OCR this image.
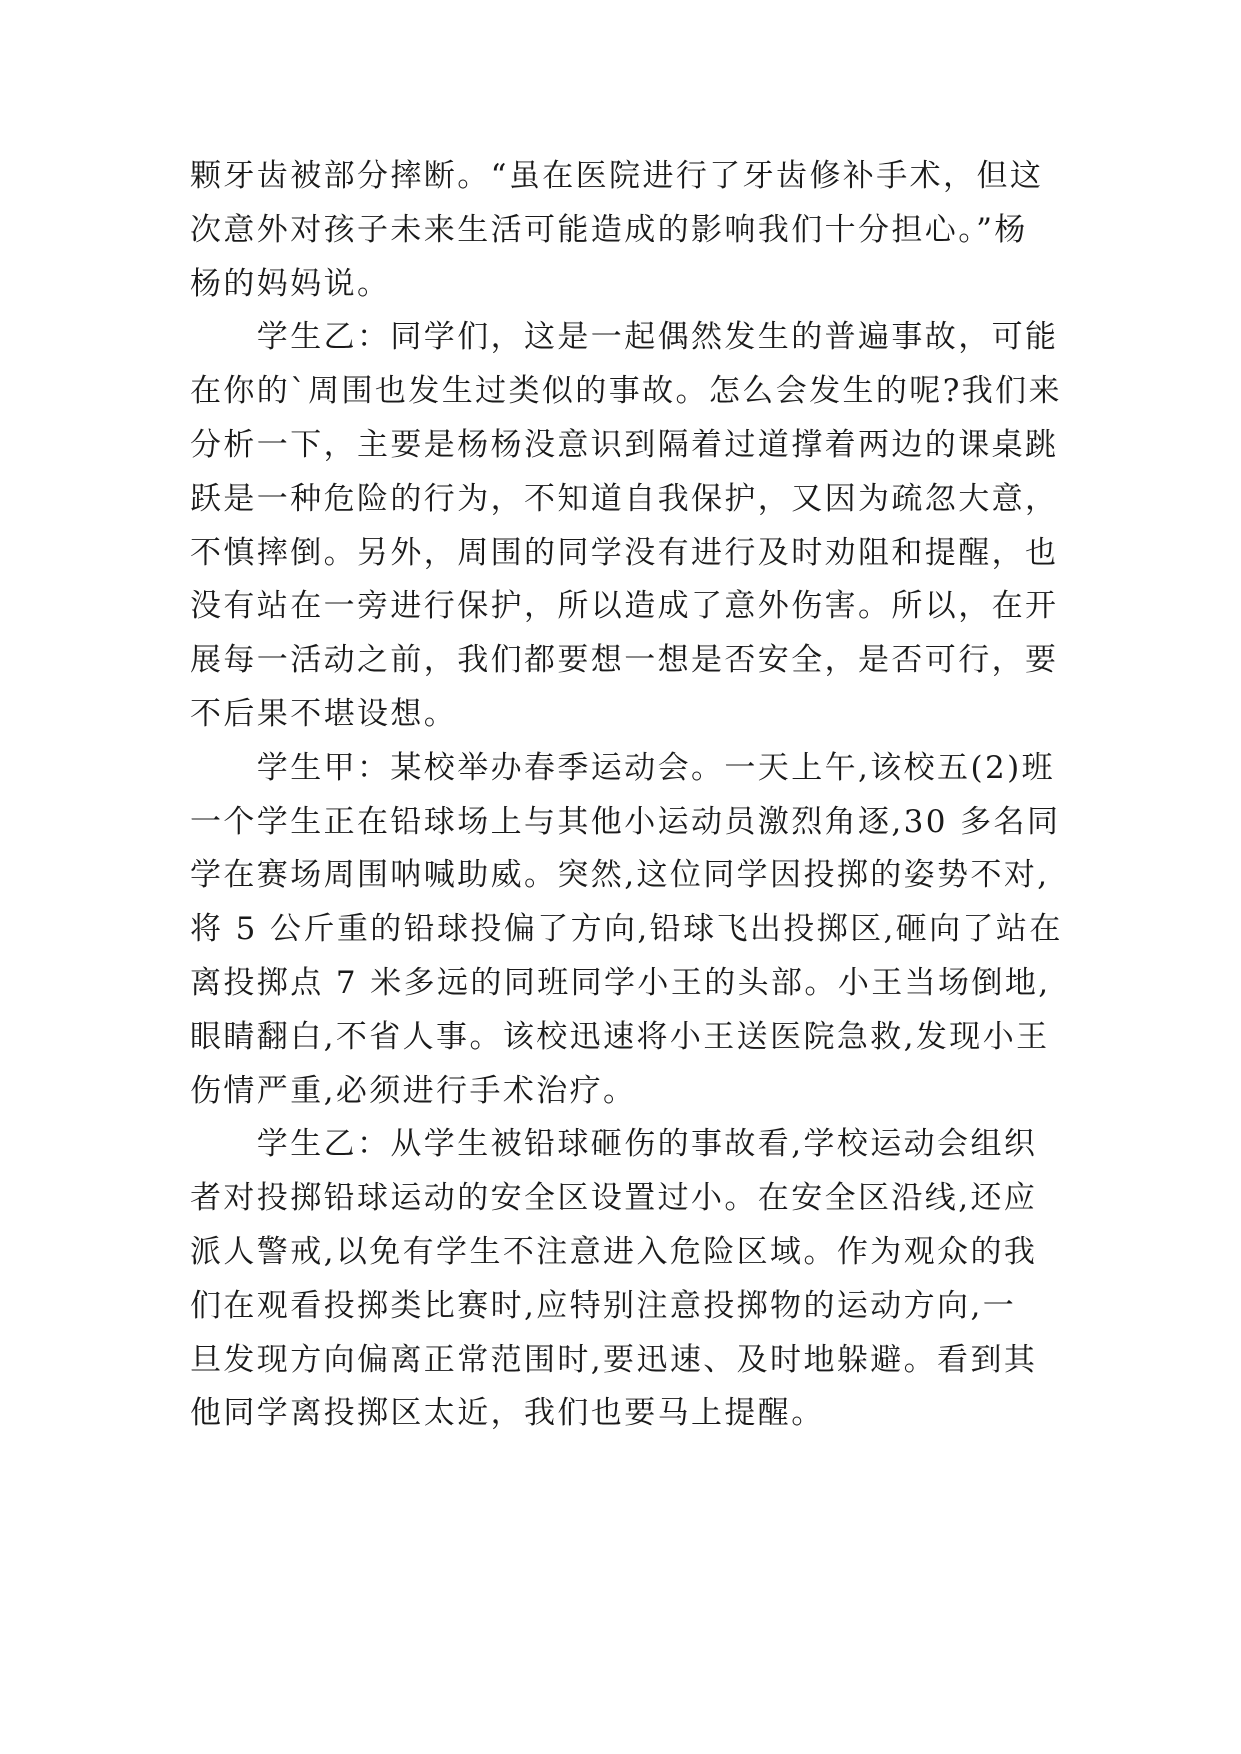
颗牙齿被部分摔断。“虽在医院进行了牙齿修补手术，但这
次意外对孩子未来生活可能造成的影响我们十分担心。”杨
杨的妈妈说。
　　学生乙：同学们，这是一起偶然发生的普遍事故，可能
在你的`周围也发生过类似的事故。怎么会发生的呢?我们来
分析一下，主要是杨杨没意识到隔着过道撑着两边的课桌跳
跃是一种危险的行为，不知道自我保护，又因为疏忽大意，
不慎摔倒。另外，周围的同学没有进行及时劝阻和提醒，也
没有站在一旁进行保护，所以造成了意外伤害。所以，在开
展每一活动之前，我们都要想一想是否安全，是否可行，要
不后果不堪设想。
　　学生甲：某校举办春季运动会。一天上午,该校五(2)班
一个学生正在铅球场上与其他小运动员激烈角逐,30 多名同
学在赛场周围呐喊助威。突然,这位同学因投掷的姿势不对,
将 5 公斤重的铅球投偏了方向,铅球飞出投掷区,砸向了站在
离投掷点 7 米多远的同班同学小王的头部。小王当场倒地,
眼睛翻白,不省人事。该校迅速将小王送医院急救,发现小王
伤情严重,必须进行手术治疗。
　　学生乙：从学生被铅球砸伤的事故看,学校运动会组织
者对投掷铅球运动的安全区设置过小。在安全区沿线,还应
派人警戒,以免有学生不注意进入危险区域。作为观众的我
们在观看投掷类比赛时,应特别注意投掷物的运动方向,一
旦发现方向偏离正常范围时,要迅速、及时地躲避。看到其
他同学离投掷区太近，我们也要马上提醒。
